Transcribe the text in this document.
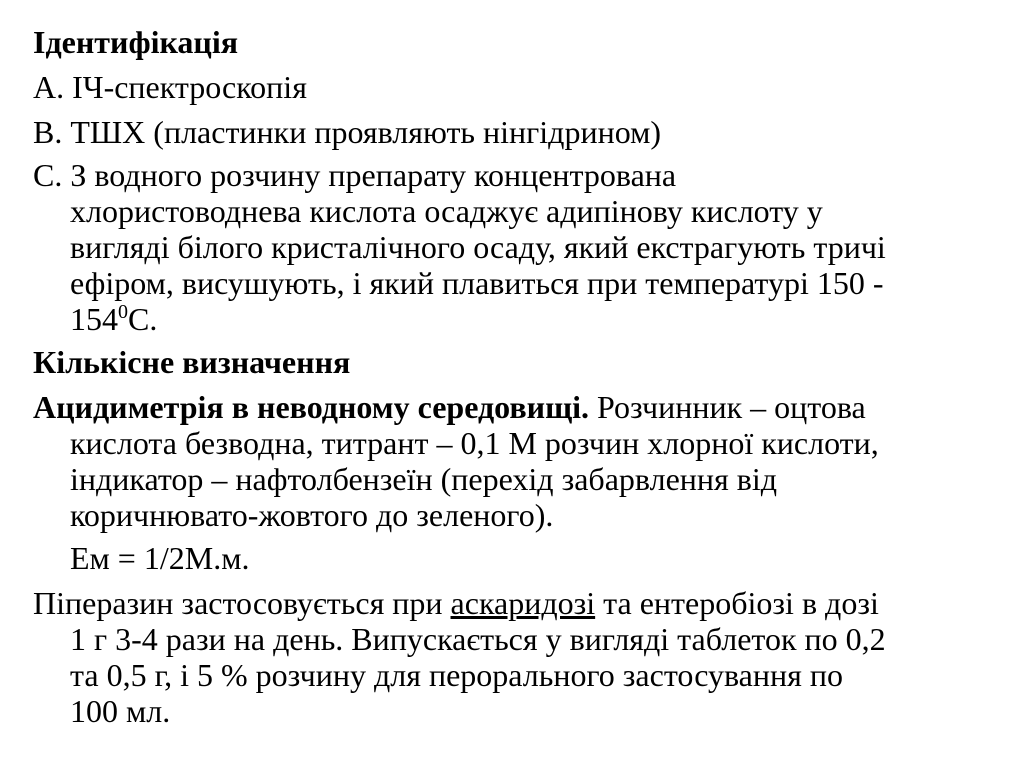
Ідентифікація

А. ІЧ-спектроскопія

В. ТШХ (пластинки проявляють нінгідрином)

С. З водного розчину препарату концентрована

хлористоводнева кислота осаджує адипінову кислоту у

вигляді білого кристалічного осаду, який екстрагують тричі

ефіром, висушують, і який плавиться при температурі 150 -

$154^0С$.

Кількісне визначення

Ацидиметрія в неводному середовищі. Розчинник – оцтова

кислота безводна, титрант – 0,1 М розчин хлорної кислоти,

індикатор – нафтолбензеїн (перехід забарвлення від

коричнювато-жовтого до зеленого).

Ем = 1/2М.м.

Піперазин застосовується при аскаридозі та ентеробіозі в дозі

1 г 3-4 рази на день. Випускається у вигляді таблеток по 0,2

та 0,5 г, і 5 % розчину для перорального застосування по

100 мл.
